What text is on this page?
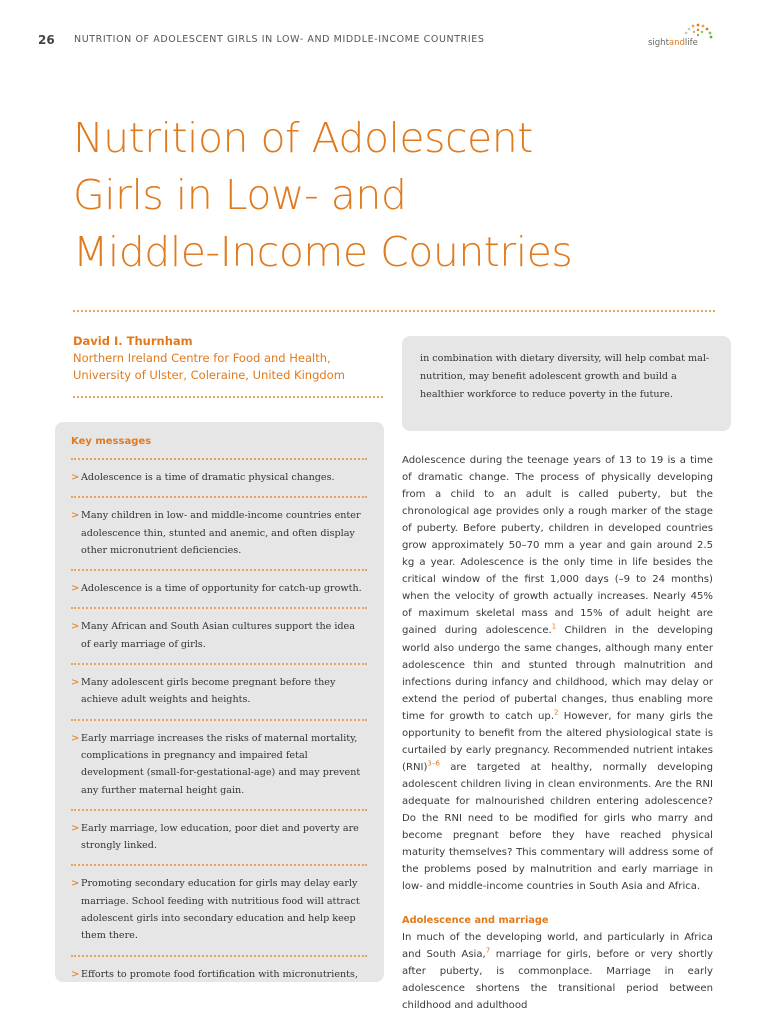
26 NUTRITION OF ADOLESCENT GIRLS IN LOW- AND MIDDLE-INCOME COUNTRIES	sightandlife
Nutrition of Adolescent
Girls in Low- and
Middle-Income Countries
David I. Thurnham
Northern Ireland Centre for Food and Health,
University of Ulster, Coleraine, United Kingdom

in combination with dietary diversity, will help combat mal-nutrition, may benefit adolescent growth and build a healthier workforce to reduce poverty in the future.

Key messages
> Adolescence is a time of dramatic physical changes.
> Many children in low- and middle-income countries enter adolescence thin, stunted and anemic, and often display other micronutrient deficiencies.
> Adolescence is a time of opportunity for catch-up growth.
> Many African and South Asian cultures support the idea of early marriage of girls.
> Many adolescent girls become pregnant before they achieve adult weights and heights.
> Early marriage increases the risks of maternal mortality, complications in pregnancy and impaired fetal development (small-for-gestational-age) and may prevent any further maternal height gain.
> Early marriage, low education, poor diet and poverty are strongly linked.
> Promoting secondary education for girls may delay early marriage. School feeding with nutritious food will attract adolescent girls into secondary education and help keep them there.
> Efforts to promote food fortification with micronutrients,

Adolescence during the teenage years of 13 to 19 is a time of dramatic change. The process of physically developing from a child to an adult is called puberty, but the chronological age provides only a rough marker of the stage of puberty. Before puberty, children in developed countries grow approximately 50–70 mm a year and gain around 2.5 kg a year. Adolescence is the only time in life besides the critical window of the first 1,000 days (–9 to 24 months) when the velocity of growth actually increases. Nearly 45% of maximum skeletal mass and 15% of adult height are gained during adolescence.$^1$ Children in the developing world also undergo the same changes, although many enter adolescence thin and stunted through malnutrition and infections during infancy and childhood, which may delay or extend the period of pubertal changes, thus enabling more time for growth to catch up.$^2$ However, for many girls the opportunity to benefit from the altered physiological state is curtailed by early pregnancy. Recommended nutrient intakes (RNI)$^{3-6}$ are targeted at healthy, normally developing adolescent children living in clean environments. Are the RNI adequate for malnourished children entering adolescence? Do the RNI need to be modified for girls who marry and become pregnant before they have reached physical maturity themselves? This commentary will address some of the problems posed by malnutrition and early marriage in low- and middle-income countries in South Asia and Africa.

Adolescence and marriage

In much of the developing world, and particularly in Africa and South Asia,$^7$ marriage for girls, before or very shortly after puberty, is commonplace. Marriage in early adolescence shortens the transitional period between childhood and adulthood
